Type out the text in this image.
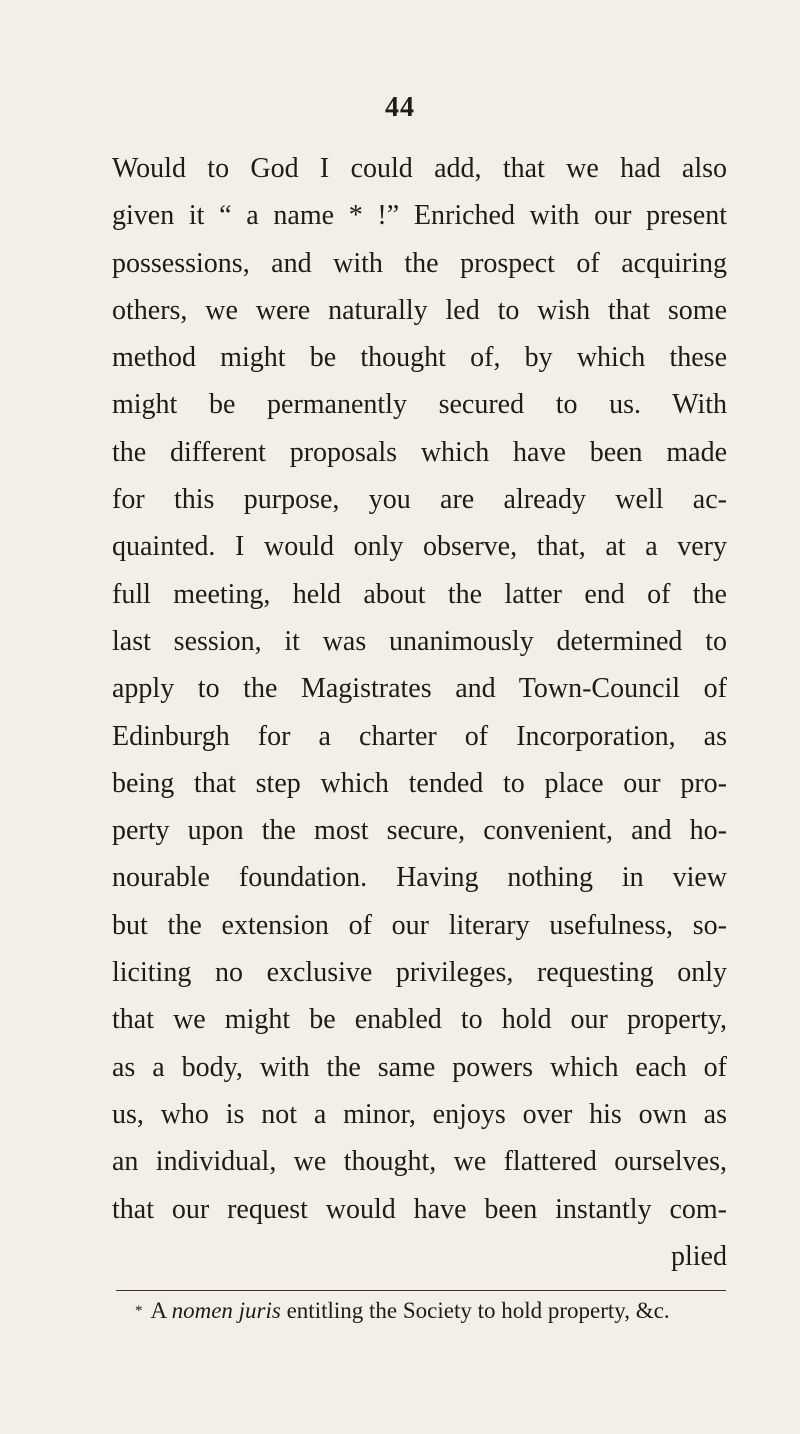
44
Would to God I could add, that we had also
given it “ a name * !” Enriched with our present
possessions, and with the prospect of acquiring
others, we were naturally led to wish that some
method might be thought of, by which these
might be permanently secured to us. With
the different proposals which have been made
for this purpose, you are already well ac-
quainted. I would only observe, that, at a very
full meeting, held about the latter end of the
last session, it was unanimously determined to
apply to the Magistrates and Town-Council of
Edinburgh for a charter of Incorporation, as
being that step which tended to place our pro-
perty upon the most secure, convenient, and ho-
nourable foundation. Having nothing in view
but the extension of our literary usefulness, so-
liciting no exclusive privileges, requesting only
that we might be enabled to hold our property,
as a body, with the same powers which each of
us, who is not a minor, enjoys over his own as
an individual, we thought, we flattered ourselves,
that our request would have been instantly com-
plied
* A nomen juris entitling the Society to hold property, &c.
